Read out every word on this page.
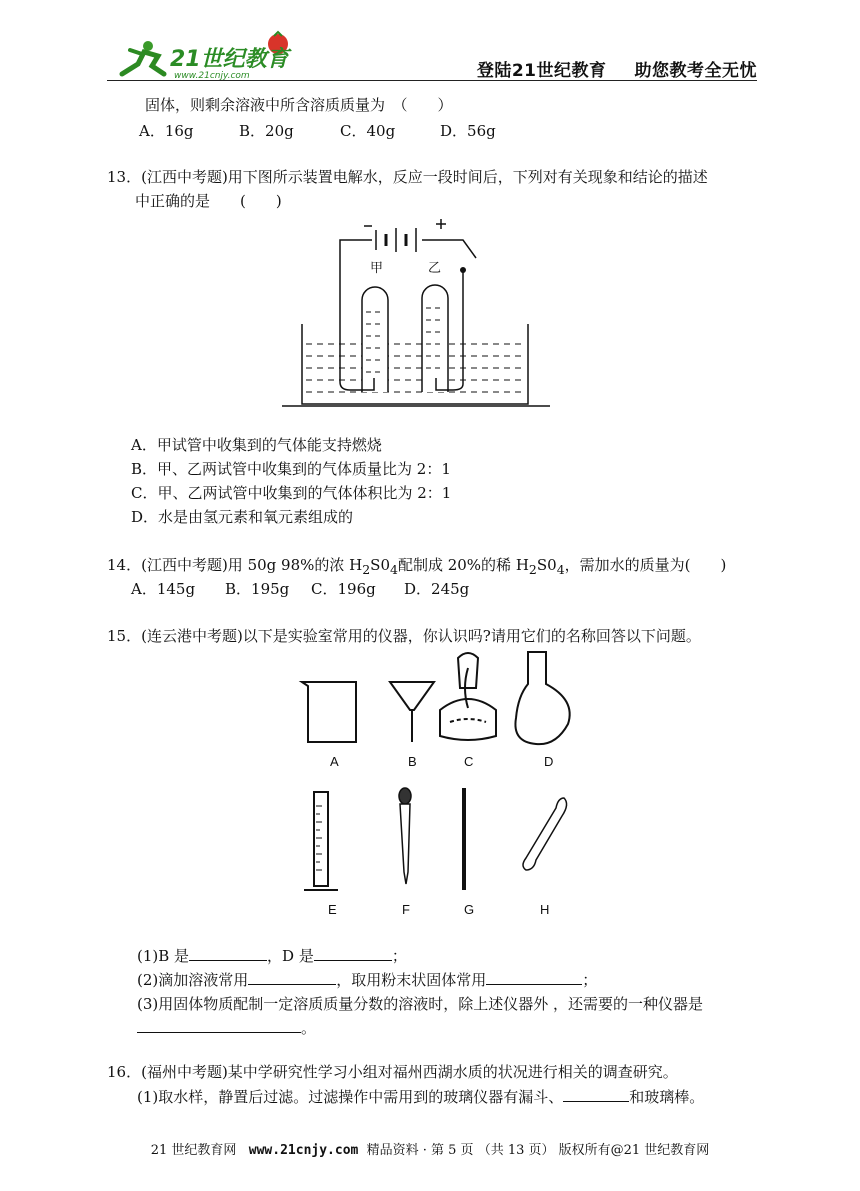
21世纪教育
www.21cnjy.com	登陆21世纪教育 助您教考全无忧
固体，则剩余溶液中所含溶质质量为　（　　）
A．16g	B．20g	C．40g	D．56g
13．(江西中考题)用下图所示装置电解水，反应一段时间后，下列对有关现象和结论的描述
中正确的是　　(　　)
甲	乙
A．甲试管中收集到的气体能支持燃烧
B．甲、乙两试管中收集到的气体质量比为 2：1
C．甲、乙两试管中收集到的气体体积比为 2：1
D．水是由氢元素和氧元素组成的
14．(江西中考题)用 50g 98%的浓 $H_2S0_4$配制成 20%的稀 $H_2S0_4$，需加水的质量为(　　)
A．145g B．195g C．196g D．245g
15．(连云港中考题)以下是实验室常用的仪器，你认识吗?请用它们的名称回答以下问题。
A	B	C	D
E	F	G	H
(1)B 是	，D 是	；
(2)滴加溶液常用	，取用粉末状固体常用	；
(3)用固体物质配制一定溶质质量分数的溶液时，除上述仪器外 ，还需要的一种仪器是
。
16．(福州中考题)某中学研究性学习小组对福州西湖水质的状况进行相关的调查研究。
(1)取水样，静置后过滤。过滤操作中需用到的玻璃仪器有漏斗、	和玻璃棒。
21 世纪教育网 www.21cnjy.com 精品资料 · 第 5 页 （共 13 页） 版权所有@21 世纪教育网
